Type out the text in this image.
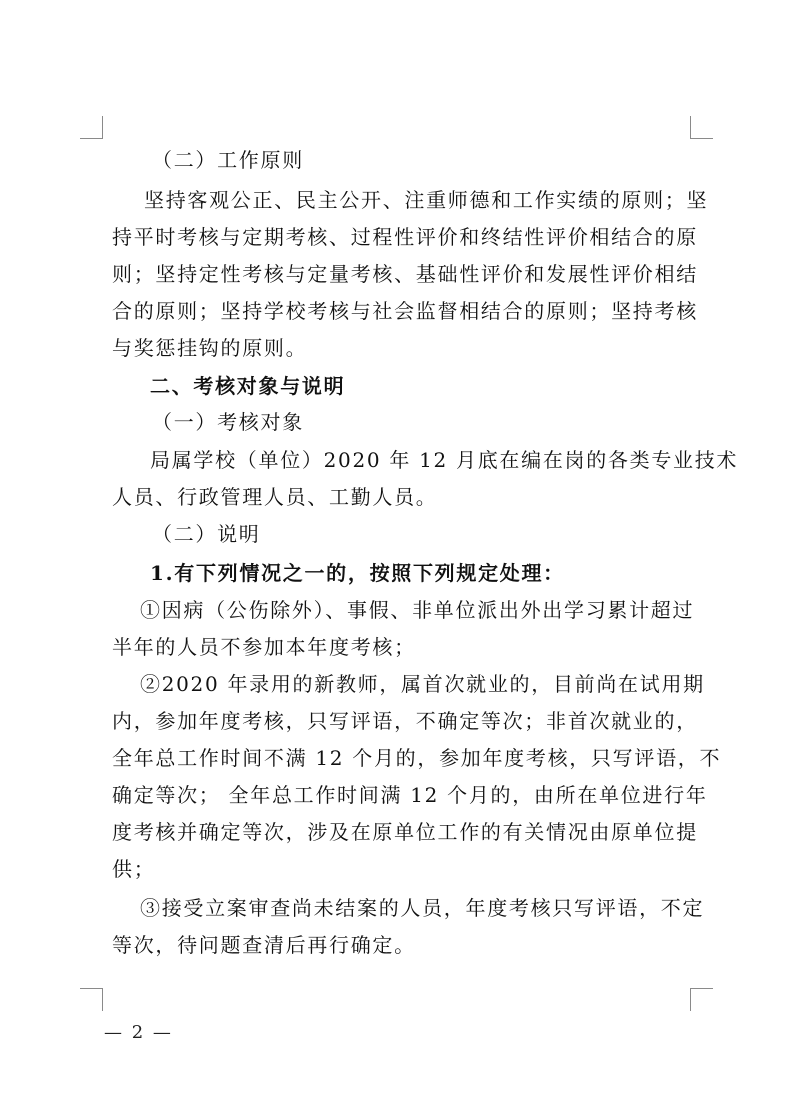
（二）工作原则
坚持客观公正、民主公开、注重师德和工作实绩的原则；坚
持平时考核与定期考核、过程性评价和终结性评价相结合的原
则；坚持定性考核与定量考核、基础性评价和发展性评价相结
合的原则；坚持学校考核与社会监督相结合的原则；坚持考核
与奖惩挂钩的原则。
二、考核对象与说明
（一）考核对象
局属学校（单位）2020 年 12 月底在编在岗的各类专业技术
人员、行政管理人员、工勤人员。
（二）说明
1.有下列情况之一的，按照下列规定处理：
①因病（公伤除外）、事假、非单位派出外出学习累计超过
半年的人员不参加本年度考核；
②2020 年录用的新教师，属首次就业的，目前尚在试用期
内，参加年度考核，只写评语，不确定等次；非首次就业的，
全年总工作时间不满 12 个月的，参加年度考核，只写评语，不
确定等次； 全年总工作时间满 12 个月的，由所在单位进行年
度考核并确定等次，涉及在原单位工作的有关情况由原单位提
供；
③接受立案审查尚未结案的人员，年度考核只写评语，不定
等次，待问题查清后再行确定。
— 2 —
